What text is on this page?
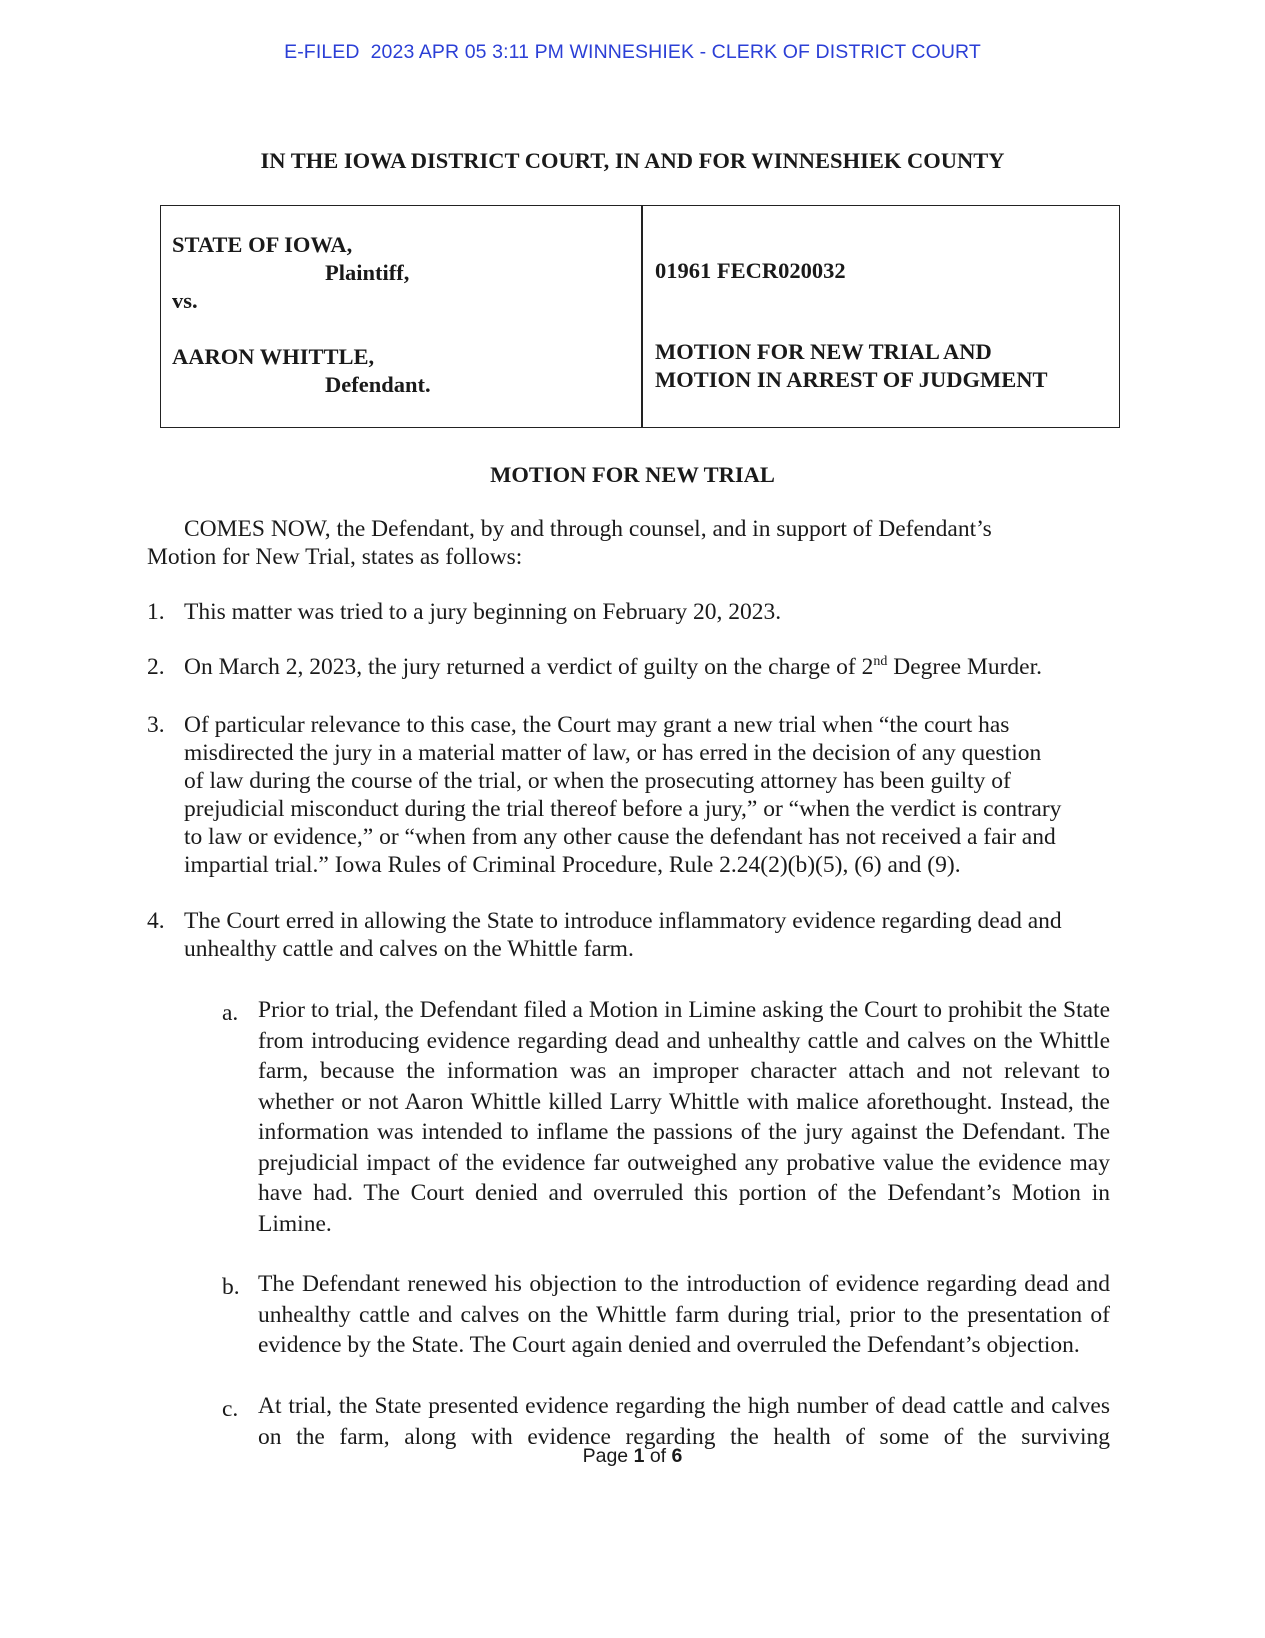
E-FILED  2023 APR 05 3:11 PM WINNESHIEK - CLERK OF DISTRICT COURT
IN THE IOWA DISTRICT COURT, IN AND FOR WINNESHIEK COUNTY
STATE OF IOWA,
Plaintiff,
vs.
AARON WHITTLE,
Defendant.
01961 FECR020032
MOTION FOR NEW TRIAL AND
MOTION IN ARREST OF JUDGMENT
MOTION FOR NEW TRIAL
COMES NOW, the Defendant, by and through counsel, and in support of Defendant’s
Motion for New Trial, states as follows:
1. This matter was tried to a jury beginning on February 20, 2023.
2. On March 2, 2023, the jury returned a verdict of guilty on the charge of 2nd Degree Murder.
3. Of particular relevance to this case, the Court may grant a new trial when “the court has
misdirected the jury in a material matter of law, or has erred in the decision of any question
of law during the course of the trial, or when the prosecuting attorney has been guilty of
prejudicial misconduct during the trial thereof before a jury,” or “when the verdict is contrary
to law or evidence,” or “when from any other cause the defendant has not received a fair and
impartial trial.” Iowa Rules of Criminal Procedure, Rule 2.24(2)(b)(5), (6) and (9).
4. The Court erred in allowing the State to introduce inflammatory evidence regarding dead and
unhealthy cattle and calves on the Whittle farm.
a. Prior to trial, the Defendant filed a Motion in Limine asking the Court to prohibit the State from introducing evidence regarding dead and unhealthy cattle and calves on the Whittle farm, because the information was an improper character attach and not relevant to whether or not Aaron Whittle killed Larry Whittle with malice aforethought. Instead, the information was intended to inflame the passions of the jury against the Defendant. The prejudicial impact of the evidence far outweighed any probative value the evidence may have had. The Court denied and overruled this portion of the Defendant’s Motion in Limine.
b. The Defendant renewed his objection to the introduction of evidence regarding dead and unhealthy cattle and calves on the Whittle farm during trial, prior to the presentation of evidence by the State. The Court again denied and overruled the Defendant’s objection.
c. At trial, the State presented evidence regarding the high number of dead cattle and calves on the farm, along with evidence regarding the health of some of the surviving
Page 1 of 6
